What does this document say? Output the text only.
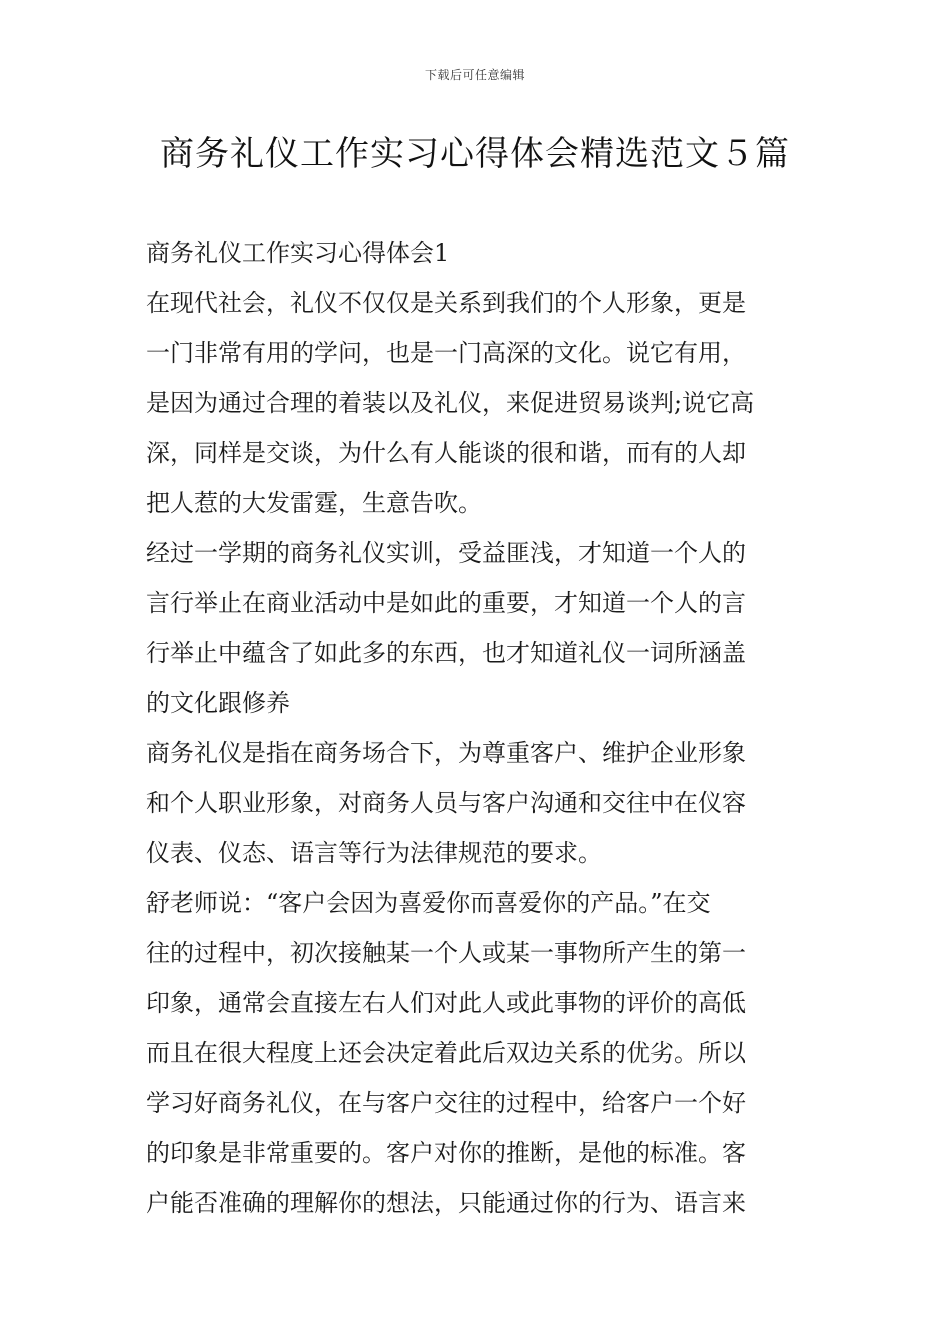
下载后可任意编辑
商务礼仪工作实习心得体会精选范文５篇

商务礼仪工作实习心得体会1

在现代社会，礼仪不仅仅是关系到我们的个人形象，更是
一门非常有用的学问，也是一门高深的文化。说它有用，
是因为通过合理的着装以及礼仪，来促进贸易谈判;说它高
深，同样是交谈，为什么有人能谈的很和谐，而有的人却
把人惹的大发雷霆，生意告吹。

经过一学期的商务礼仪实训，受益匪浅，才知道一个人的
言行举止在商业活动中是如此的重要，才知道一个人的言
行举止中蕴含了如此多的东西，也才知道礼仪一词所涵盖
的文化跟修养

商务礼仪是指在商务场合下，为尊重客户、维护企业形象
和个人职业形象，对商务人员与客户沟通和交往中在仪容
仪表、仪态、语言等行为法律规范的要求。

舒老师说：“客户会因为喜爱你而喜爱你的产品。”在交
往的过程中，初次接触某一个人或某一事物所产生的第一
印象，通常会直接左右人们对此人或此事物的评价的高低
而且在很大程度上还会决定着此后双边关系的优劣。所以
学习好商务礼仪，在与客户交往的过程中，给客户一个好
的印象是非常重要的。客户对你的推断，是他的标准。客
户能否准确的理解你的想法，只能通过你的行为、语言来
